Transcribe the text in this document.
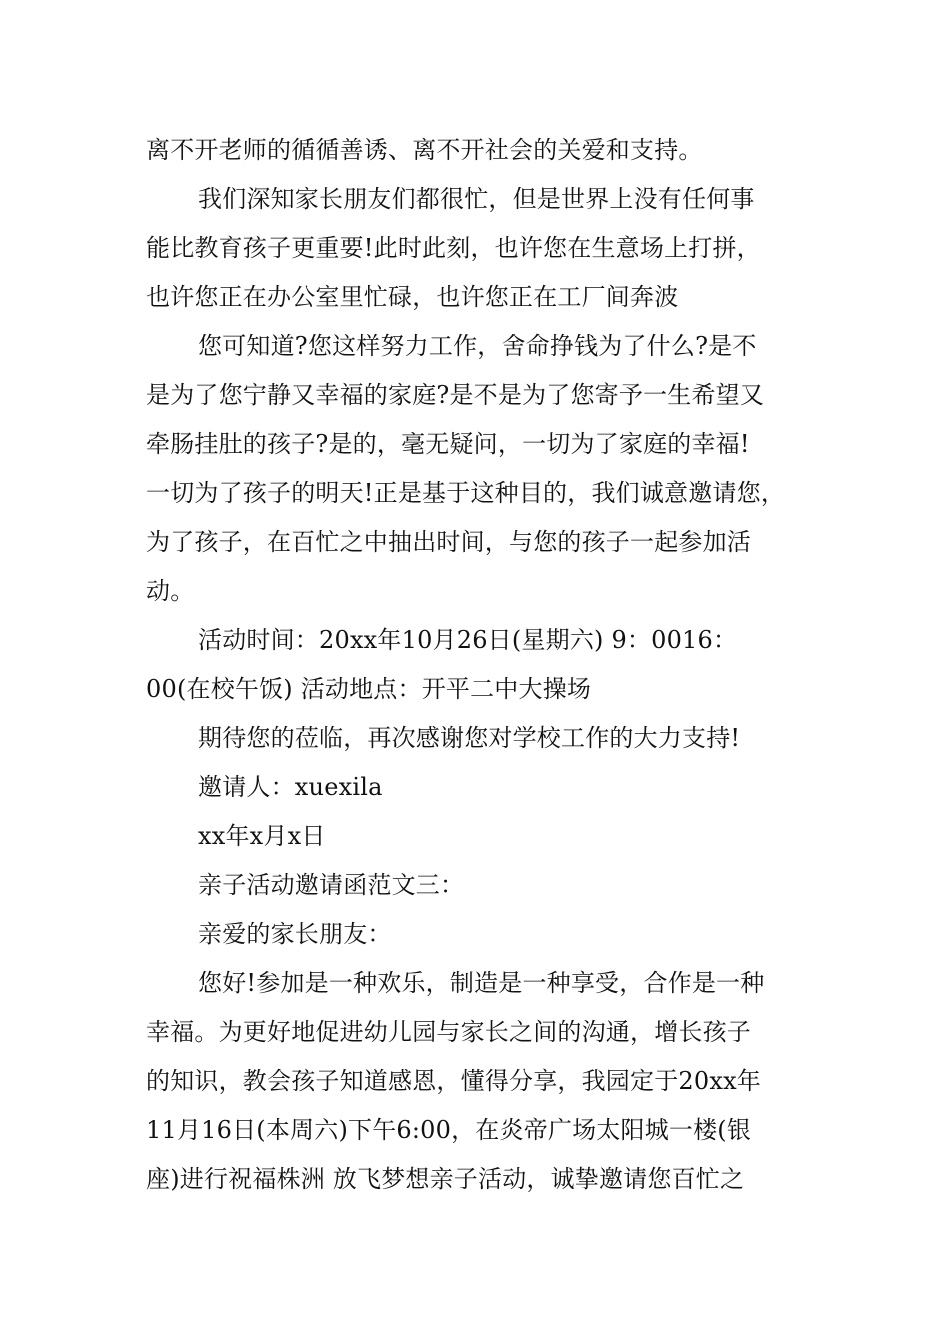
离不开老师的循循善诱、离不开社会的关爱和支持。
我们深知家长朋友们都很忙，但是世界上没有任何事
能比教育孩子更重要!此时此刻，也许您在生意场上打拼，
也许您正在办公室里忙碌，也许您正在工厂间奔波
您可知道?您这样努力工作，舍命挣钱为了什么?是不
是为了您宁静又幸福的家庭?是不是为了您寄予一生希望又
牵肠挂肚的孩子?是的，毫无疑问，一切为了家庭的幸福!
一切为了孩子的明天!正是基于这种目的，我们诚意邀请您，
为了孩子，在百忙之中抽出时间，与您的孩子一起参加活
动。
活动时间：20xx年10月26日(星期六) 9：0016：
00(在校午饭) 活动地点：开平二中大操场
期待您的莅临，再次感谢您对学校工作的大力支持!
邀请人：xuexila
xx年x月x日
亲子活动邀请函范文三：
亲爱的家长朋友：
您好!参加是一种欢乐，制造是一种享受，合作是一种
幸福。为更好地促进幼儿园与家长之间的沟通，增长孩子
的知识，教会孩子知道感恩，懂得分享，我园定于20xx年
11月16日(本周六)下午6:00，在炎帝广场太阳城一楼(银
座)进行祝福株洲 放飞梦想亲子活动，诚挚邀请您百忙之
